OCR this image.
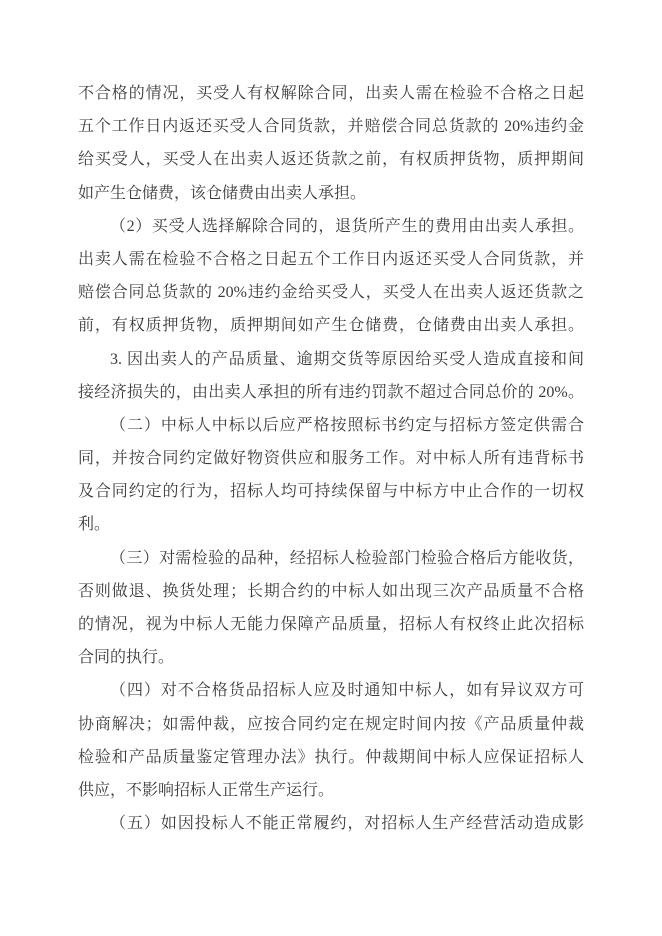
不合格的情况，买受人有权解除合同，出卖人需在检验不合格之日起
五个工作日内返还买受人合同货款，并赔偿合同总货款的 20%违约金
给买受人，买受人在出卖人返还货款之前，有权质押货物，质押期间
如产生仓储费，该仓储费由出卖人承担。
（2）买受人选择解除合同的，退货所产生的费用由出卖人承担。
出卖人需在检验不合格之日起五个工作日内返还买受人合同货款，并
赔偿合同总货款的 20%违约金给买受人，买受人在出卖人返还货款之
前，有权质押货物，质押期间如产生仓储费，仓储费由出卖人承担。
3. 因出卖人的产品质量、逾期交货等原因给买受人造成直接和间
接经济损失的，由出卖人承担的所有违约罚款不超过合同总价的 20%。
（二）中标人中标以后应严格按照标书约定与招标方签定供需合
同，并按合同约定做好物资供应和服务工作。对中标人所有违背标书
及合同约定的行为，招标人均可持续保留与中标方中止合作的一切权
利。
（三）对需检验的品种，经招标人检验部门检验合格后方能收货，
否则做退、换货处理；长期合约的中标人如出现三次产品质量不合格
的情况，视为中标人无能力保障产品质量，招标人有权终止此次招标
合同的执行。
（四）对不合格货品招标人应及时通知中标人，如有异议双方可
协商解决；如需仲裁，应按合同约定在规定时间内按《产品质量仲裁
检验和产品质量鉴定管理办法》执行。仲裁期间中标人应保证招标人
供应，不影响招标人正常生产运行。
（五）如因投标人不能正常履约，对招标人生产经营活动造成影
